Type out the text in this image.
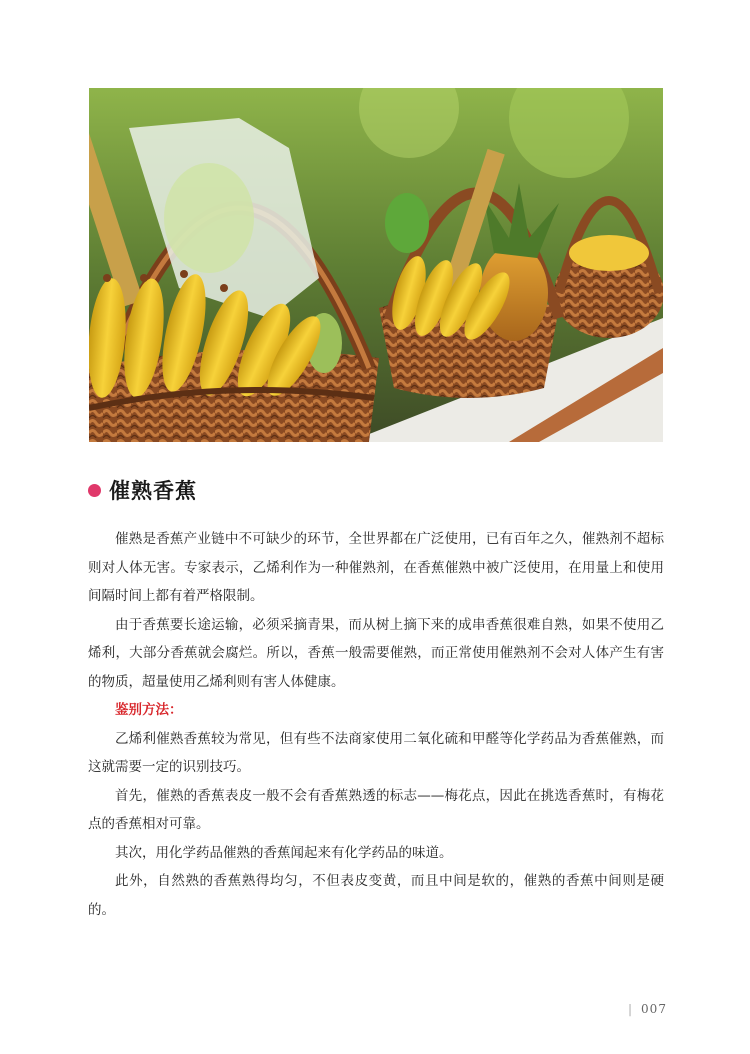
催熟香蕉

催熟是香蕉产业链中不可缺少的环节，全世界都在广泛使用，已有百年之久，催熟剂不超标则对人体无害。专家表示，乙烯利作为一种催熟剂，在香蕉催熟中被广泛使用，在用量上和使用间隔时间上都有着严格限制。

由于香蕉要长途运输，必须采摘青果，而从树上摘下来的成串香蕉很难自熟，如果不使用乙烯利，大部分香蕉就会腐烂。所以，香蕉一般需要催熟，而正常使用催熟剂不会对人体产生有害的物质，超量使用乙烯利则有害人体健康。

鉴别方法：

乙烯利催熟香蕉较为常见，但有些不法商家使用二氧化硫和甲醛等化学药品为香蕉催熟，而这就需要一定的识别技巧。

首先，催熟的香蕉表皮一般不会有香蕉熟透的标志——梅花点，因此在挑选香蕉时，有梅花点的香蕉相对可靠。

其次，用化学药品催熟的香蕉闻起来有化学药品的味道。

此外，自然熟的香蕉熟得均匀，不但表皮变黄，而且中间是软的，催熟的香蕉中间则是硬的。

| 007
